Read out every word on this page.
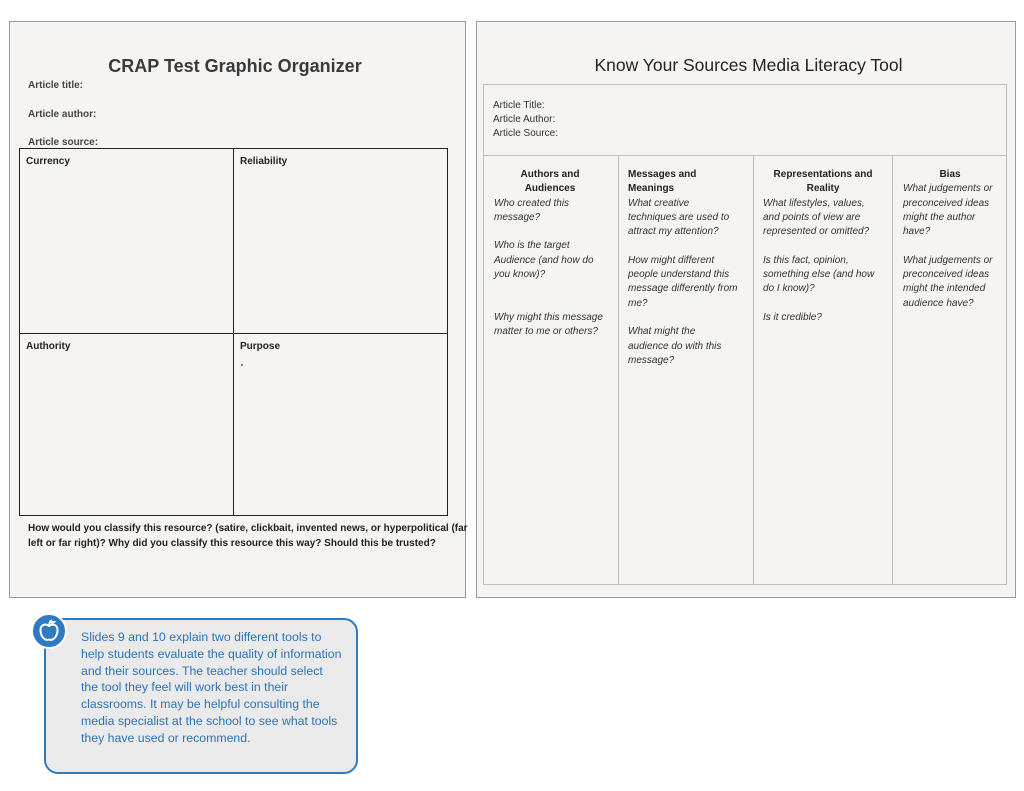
CRAP Test Graphic Organizer
Article title:
Article author:
Article source:
Currency	Reliability
Authority	Purpose
How would you classify this resource? (satire, clickbait, invented news, or hyperpolitical (far left or far right)? Why did you classify this resource this way? Should this be trusted?
Know Your Sources Media Literacy Tool
Article Title:
Article Author:
Article Source:
Authors and
Audiences
Who created this
message?
Who is the target
Audience (and how do
you know)?
Why might this message
matter to me or others?
Messages and
Meanings
What creative
techniques are used to
attract my attention?
How might different
people understand this
message differently from
me?
What might the
audience do with this
message?
Representations and
Reality
What lifestyles, values,
and points of view are
represented or omitted?
Is this fact, opinion,
something else (and how
do I know)?
Is it credible?
Bias
What judgements or
preconceived ideas
might the author
have?
What judgements or
preconceived ideas
might the intended
audience have?
Slides 9 and 10 explain two different tools to help students evaluate the quality of information and their sources. The teacher should select the tool they feel will work best in their classrooms. It may be helpful consulting the media specialist at the school to see what tools they have used or recommend.
